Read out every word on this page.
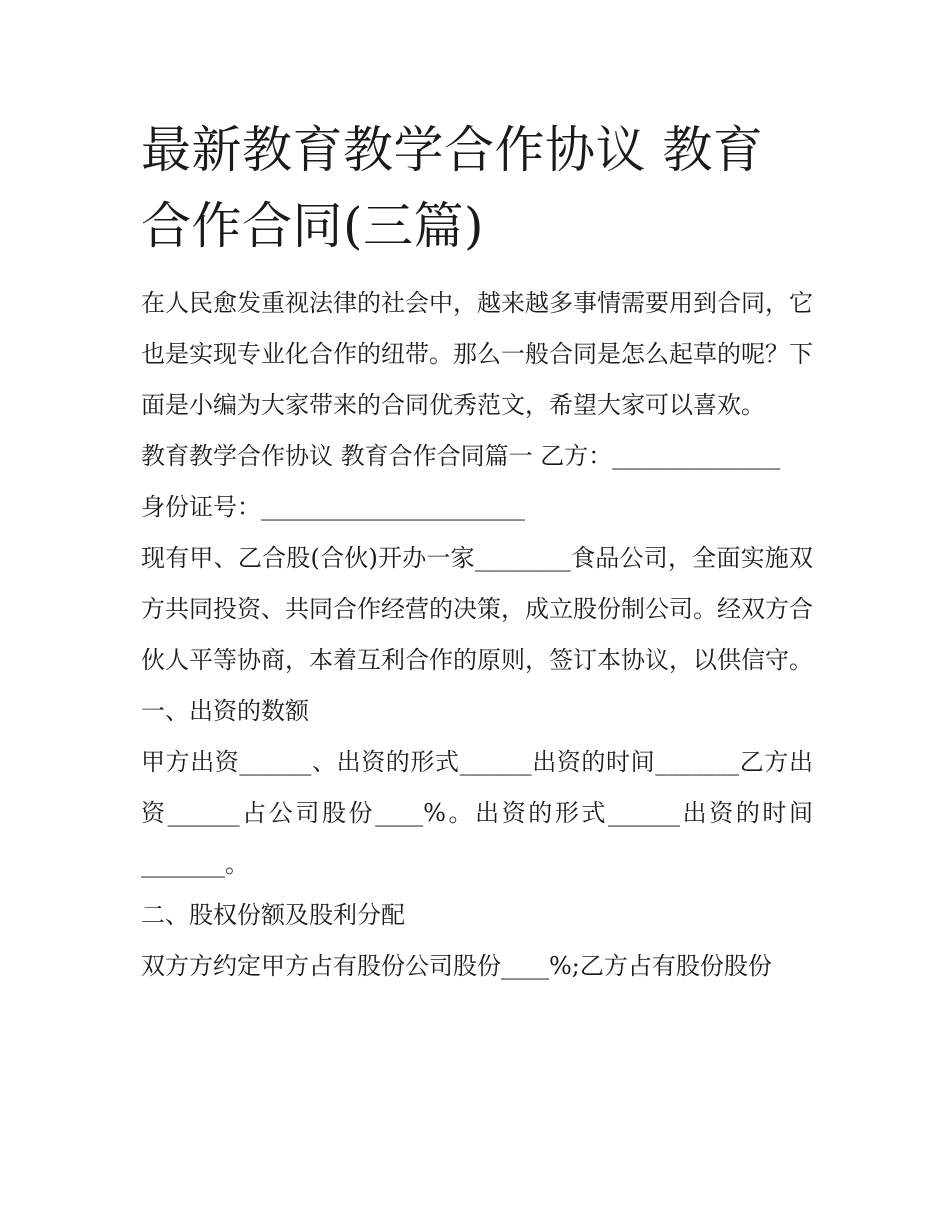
最新教育教学合作协议 教育合作合同(三篇)

在人民愈发重视法律的社会中，越来越多事情需要用到合同，它也是实现专业化合作的纽带。那么一般合同是怎么起草的呢？下面是小编为大家带来的合同优秀范文，希望大家可以喜欢。

教育教学合作协议 教育合作合同篇一 乙方：______________

身份证号：______________________

现有甲、乙合股(合伙)开办一家________食品公司，全面实施双方共同投资、共同合作经营的决策，成立股份制公司。经双方合伙人平等协商，本着互利合作的原则，签订本协议，以供信守。

一、出资的数额

甲方出资______、出资的形式______出资的时间_______乙方出资______占公司股份____%。出资的形式______出资的时间_______。

二、股权份额及股利分配

双方方约定甲方占有股份公司股份____%;乙方占有股份股份
